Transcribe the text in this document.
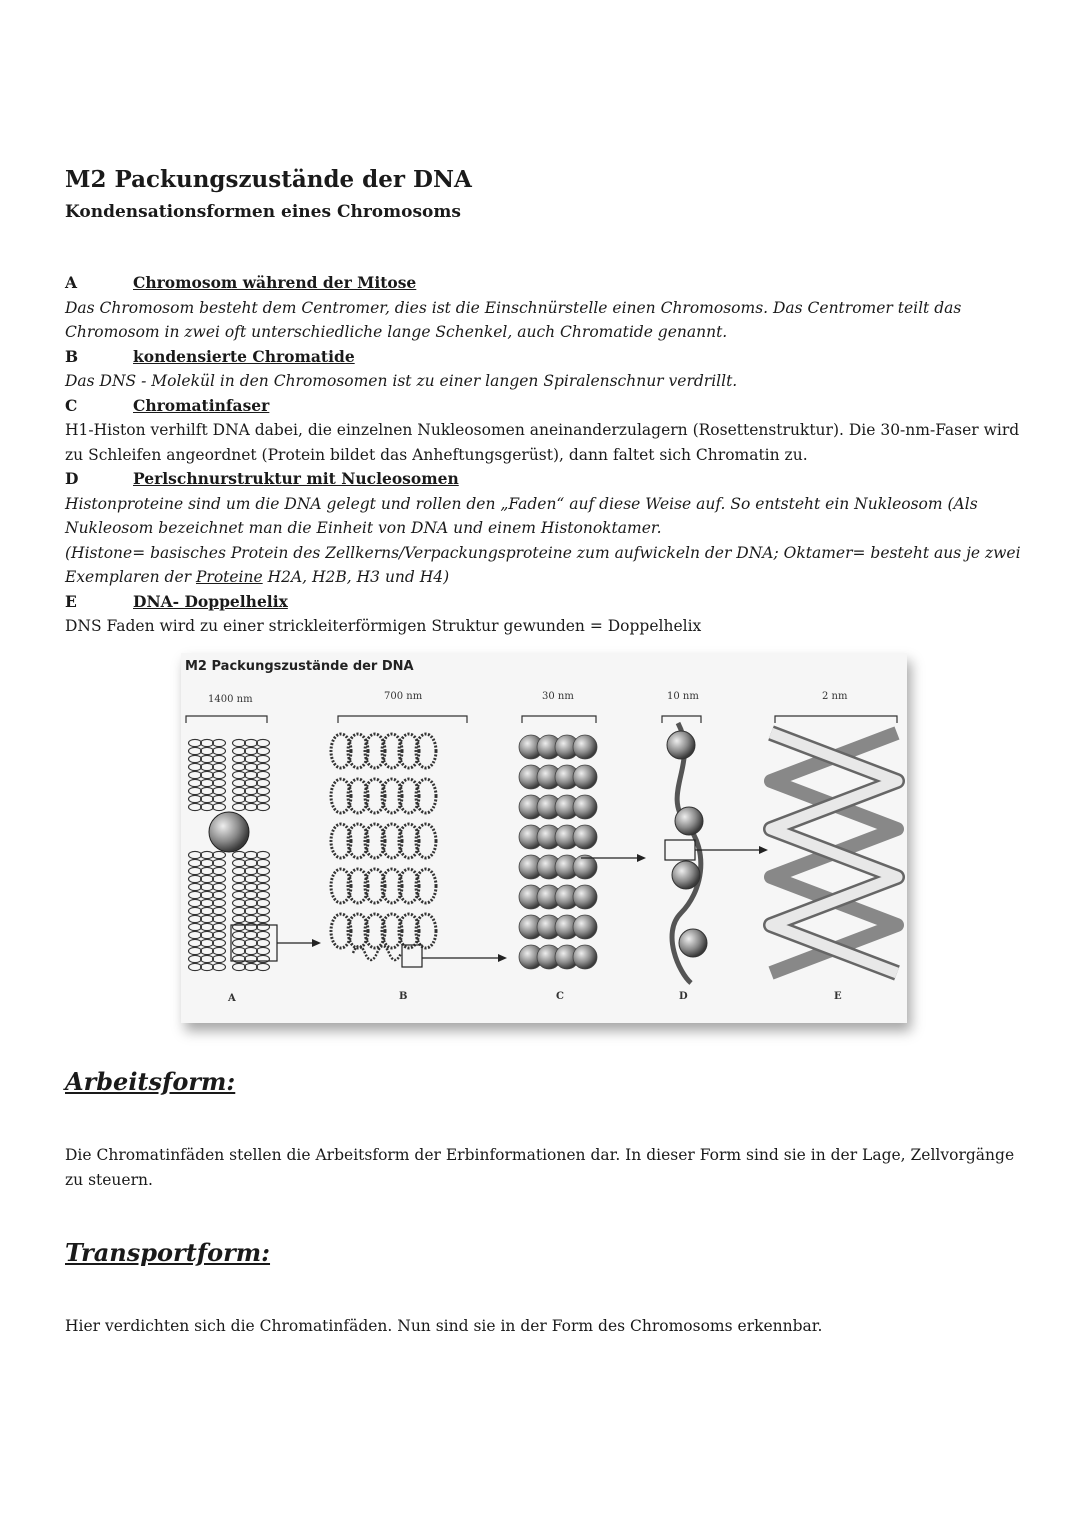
M2 Packungszustände der DNA
Kondensationsformen eines Chromosoms
A	Chromosom während der Mitose

Das Chromosom besteht dem Centromer, dies ist die Einschnürstelle einen Chromosoms. Das Centromer teilt das Chromosom in zwei oft unterschiedliche lange Schenkel, auch Chromatide genannt.

B	kondensierte Chromatide

Das DNS - Molekül in den Chromosomen ist zu einer langen Spiralenschnur verdrillt.

C	Chromatinfaser

H1-Histon verhilft DNA dabei, die einzelnen Nukleosomen aneinanderzulagern (Rosettenstruktur). Die 30-nm-Faser wird zu Schleifen angeordnet (Protein bildet das Anheftungsgerüst), dann faltet sich Chromatin zu.

D	Perlschnurstruktur mit Nucleosomen

Histonproteine sind um die DNA gelegt und rollen den „Faden“ auf diese Weise auf. So entsteht ein Nukleosom (Als Nukleosom bezeichnet man die Einheit von DNA und einem Histonoktamer.

(Histone= basisches Protein des Zellkerns/Verpackungsproteine zum aufwickeln der DNA; Oktamer= besteht aus je zwei Exemplaren der Proteine H2A, H2B, H3 und H4)

E	DNA- Doppelhelix

DNS Faden wird zu einer strickleiterförmigen Struktur gewunden = Doppelhelix

M2 Packungszustände der DNA
1400 nm	700 nm	30 nm	10 nm	2 nm
A	B	C	D	E
Arbeitsform:

Die Chromatinfäden stellen die Arbeitsform der Erbinformationen dar. In dieser Form sind sie in der Lage, Zellvorgänge zu steuern.

Transportform:

Hier verdichten sich die Chromatinfäden. Nun sind sie in der Form des Chromosoms erkennbar.
